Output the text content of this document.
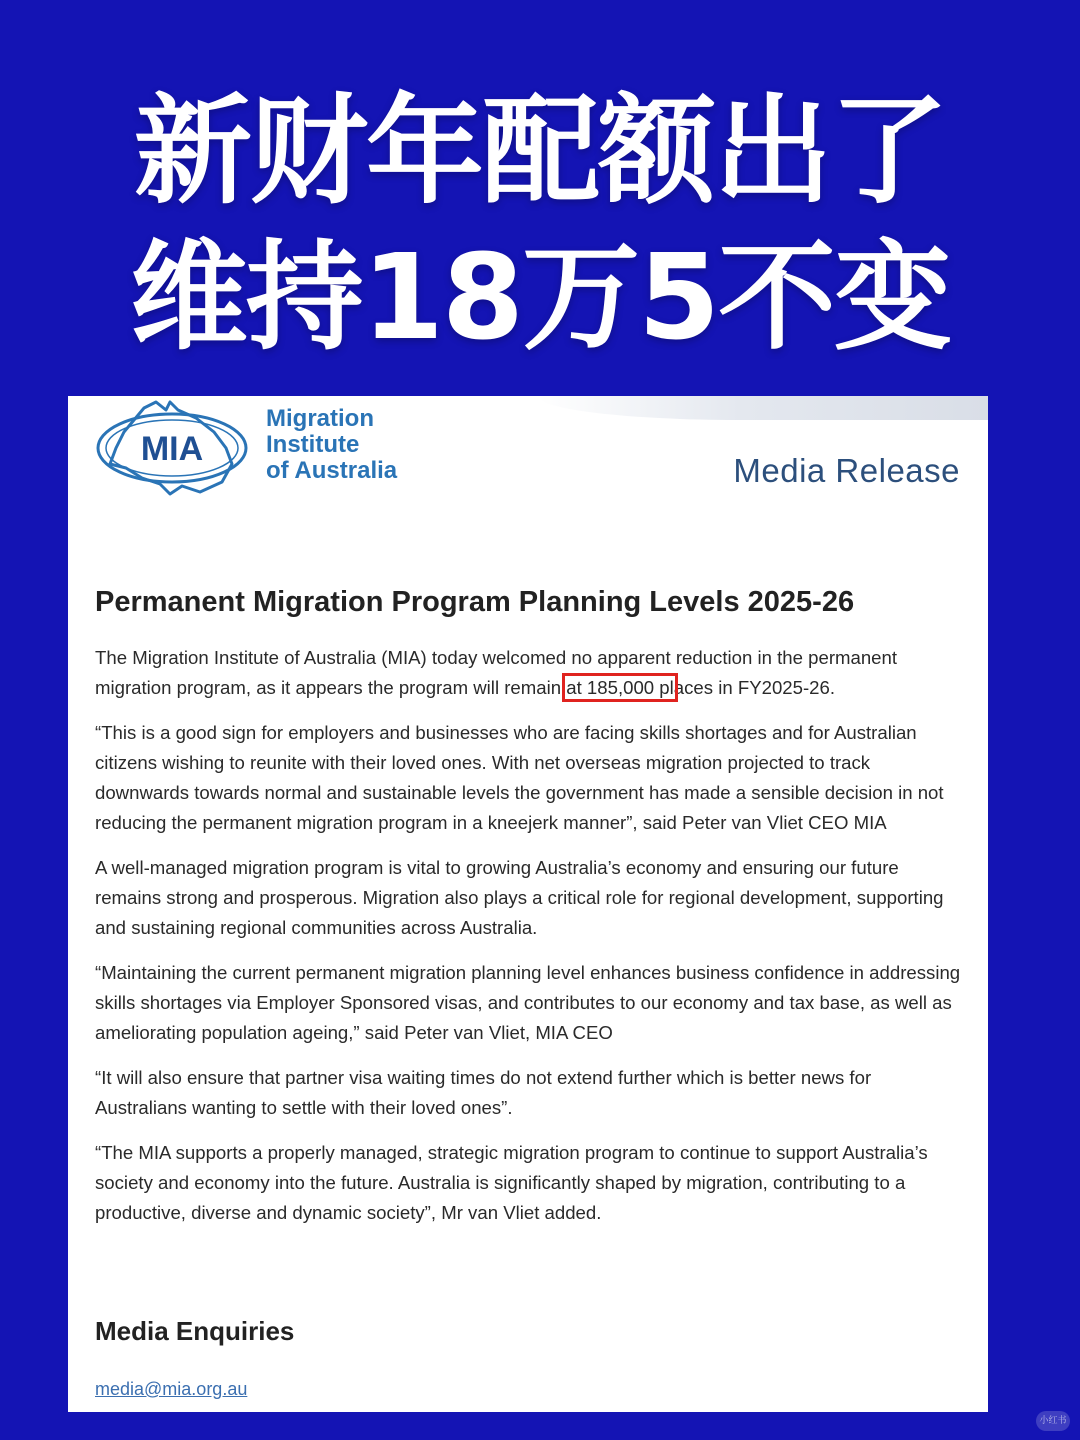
新财年配额出了
维持18万5不变
MIA
Migration
Institute
of Australia	Media Release
Permanent Migration Program Planning Levels 2025-26

The Migration Institute of Australia (MIA) today welcomed no apparent reduction in the permanent migration program, as it appears the program will remain at 185,000 places in FY2025-26.

“This is a good sign for employers and businesses who are facing skills shortages and for Australian citizens wishing to reunite with their loved ones. With net overseas migration projected to track downwards towards normal and sustainable levels the government has made a sensible decision in not reducing the permanent migration program in a kneejerk manner”, said Peter van Vliet CEO MIA

A well-managed migration program is vital to growing Australia’s economy and ensuring our future remains strong and prosperous. Migration also plays a critical role for regional development, supporting and sustaining regional communities across Australia.

“Maintaining the current permanent migration planning level enhances business confidence in addressing skills shortages via Employer Sponsored visas, and contributes to our economy and tax base, as well as ameliorating population ageing,” said Peter van Vliet, MIA CEO

“It will also ensure that partner visa waiting times do not extend further which is better news for Australians wanting to settle with their loved ones”.

“The MIA supports a properly managed, strategic migration program to continue to support Australia’s society and economy into the future. Australia is significantly shaped by migration, contributing to a productive, diverse and dynamic society”, Mr van Vliet added.

Media Enquiries
media@mia.org.au
小红书
